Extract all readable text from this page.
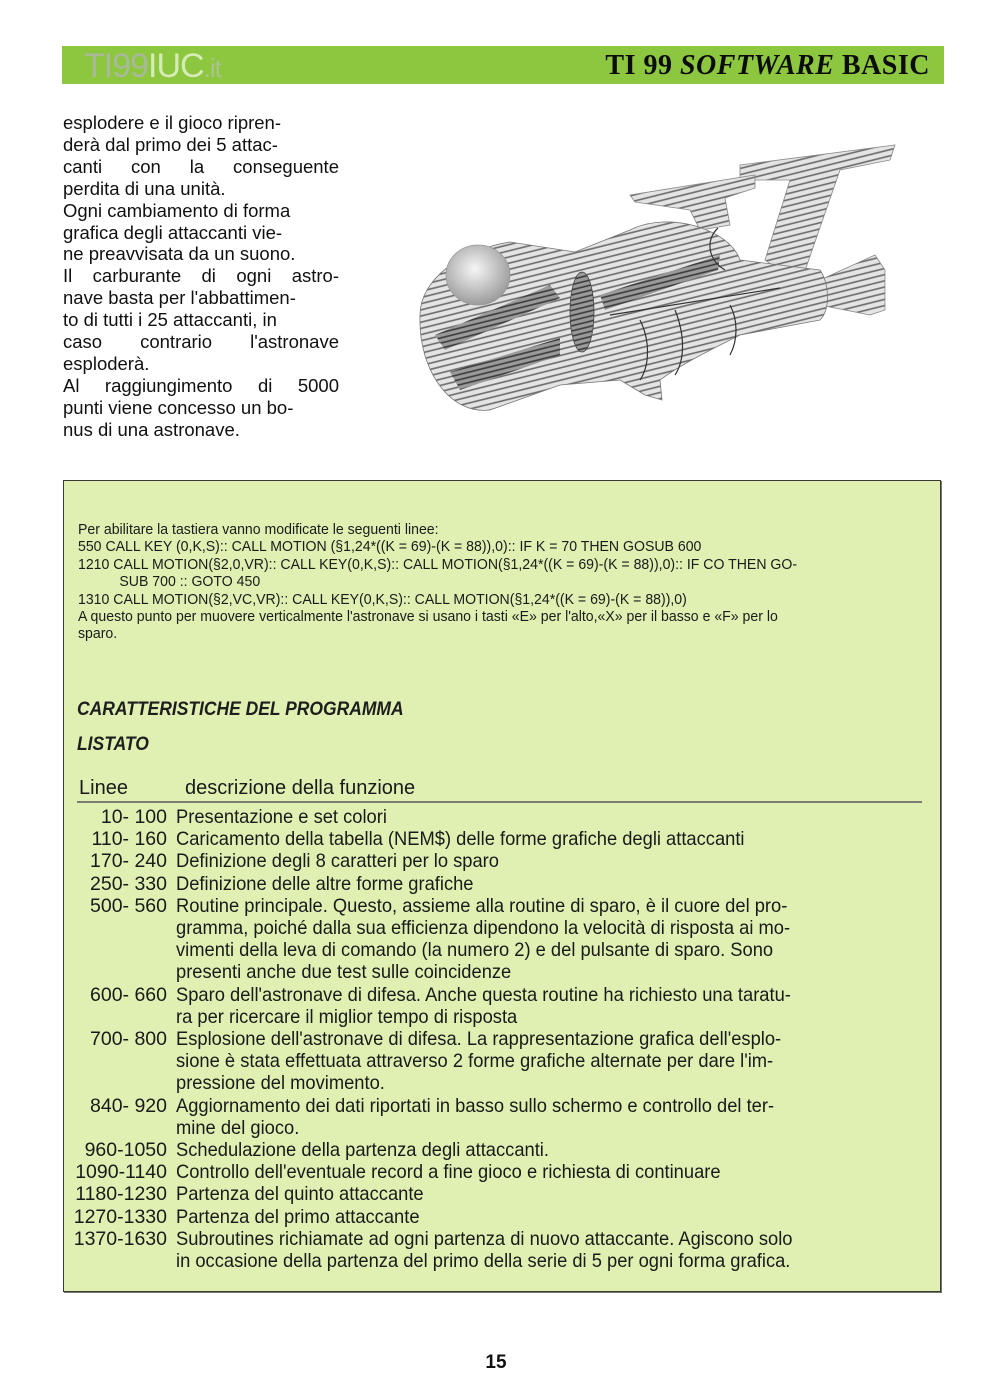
TI99IUC.it	TI 99 SOFTWARE BASIC

esplodere e il gioco ripren-

derà dal primo dei 5 attac-

canti con la conseguente

perdita di una unità.

Ogni cambiamento di forma

grafica degli attaccanti vie-

ne preavvisata da un suono.

Il carburante di ogni astro-

nave basta per l'abbattimen-

to di tutti i 25 attaccanti, in

caso contrario l'astronave

esploderà.

Al raggiungimento di 5000

punti viene concesso un bo-

nus di una astronave.

Per abilitare la tastiera vanno modificate le seguenti linee:
550 CALL KEY (0,K,S):: CALL MOTION (§1,24*((K = 69)-(K = 88)),0):: IF K = 70 THEN GOSUB 600
1210 CALL MOTION(§2,0,VR):: CALL KEY(0,K,S):: CALL MOTION(§1,24*((K = 69)-(K = 88)),0):: IF CO THEN GO-
SUB 700 :: GOTO 450
1310 CALL MOTION(§2,VC,VR):: CALL KEY(0,K,S):: CALL MOTION(§1,24*((K = 69)-(K = 88)),0)
A questo punto per muovere verticalmente l'astronave si usano i tasti «E» per l'alto,«X» per il basso e «F» per lo
sparo.
CARATTERISTICHE DEL PROGRAMMA
LISTATO
Linee	descrizione della funzione
10- 100 Presentazione e set colori
110- 160 Caricamento della tabella (NEM$) delle forme grafiche degli attaccanti
170- 240 Definizione degli 8 caratteri per lo sparo
250- 330 Definizione delle altre forme grafiche
500- 560 Routine principale. Questo, assieme alla routine di sparo, è il cuore del pro-
gramma, poiché dalla sua efficienza dipendono la velocità di risposta ai mo-
vimenti della leva di comando (la numero 2) e del pulsante di sparo. Sono
presenti anche due test sulle coincidenze
600- 660 Sparo dell'astronave di difesa. Anche questa routine ha richiesto una taratu-
ra per ricercare il miglior tempo di risposta
700- 800 Esplosione dell'astronave di difesa. La rappresentazione grafica dell'esplo-
sione è stata effettuata attraverso 2 forme grafiche alternate per dare l'im-
pressione del movimento.
840- 920 Aggiornamento dei dati riportati in basso sullo schermo e controllo del ter-
mine del gioco.
960-1050 Schedulazione della partenza degli attaccanti.
1090-1140 Controllo dell'eventuale record a fine gioco e richiesta di continuare
1180-1230 Partenza del quinto attaccante
1270-1330 Partenza del primo attaccante
1370-1630 Subroutines richiamate ad ogni partenza di nuovo attaccante. Agiscono solo
in occasione della partenza del primo della serie di 5 per ogni forma grafica.
15
